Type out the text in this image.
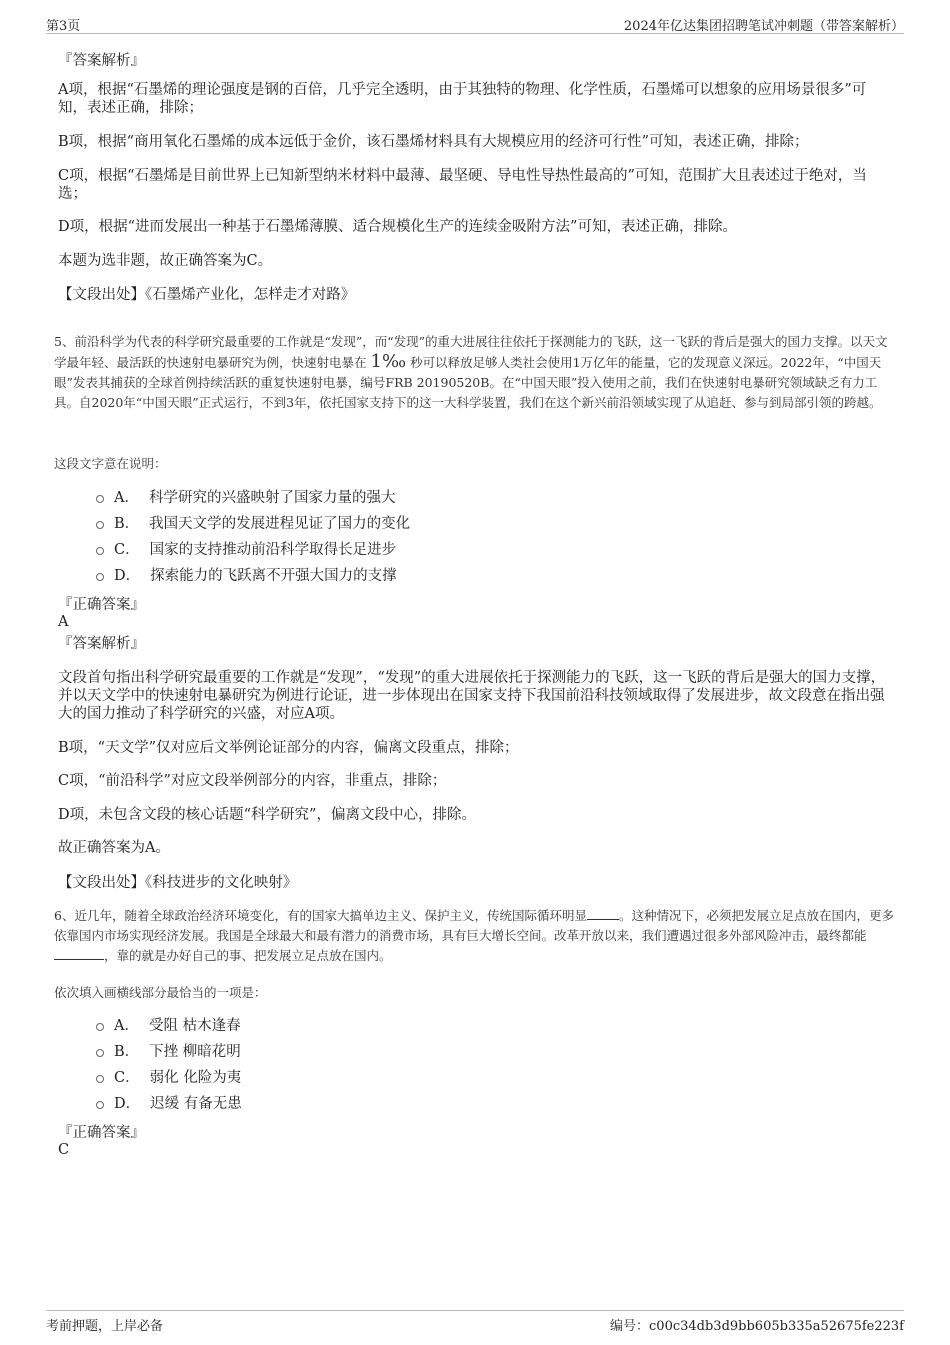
第3页	2024年亿达集团招聘笔试冲刺题（带答案解析）
『答案解析』
A项，根据“石墨烯的理论强度是钢的百倍，几乎完全透明，由于其独特的物理、化学性质，石墨烯可以想象的应用场景很多”可知，表述正确，排除；
B项，根据“商用氧化石墨烯的成本远低于金价，该石墨烯材料具有大规模应用的经济可行性”可知，表述正确，排除；
C项，根据“石墨烯是目前世界上已知新型纳米材料中最薄、最坚硬、导电性导热性最高的”可知，范围扩大且表述过于绝对，当选；
D项，根据“进而发展出一种基于石墨烯薄膜、适合规模化生产的连续金吸附方法”可知，表述正确，排除。
本题为选非题，故正确答案为C。
【文段出处】《石墨烯产业化，怎样走才对路》
5、前沿科学为代表的科学研究最重要的工作就是“发现”，而“发现”的重大进展往往依托于探测能力的飞跃，这一飞跃的背后是强大的国力支撑。以天文学最年轻、最活跃的快速射电暴研究为例，快速射电暴在 1‰ 秒可以释放足够人类社会使用1万亿年的能量，它的发现意义深远。2022年，“中国天眼”发表其捕获的全球首例持续活跃的重复快速射电暴，编号FRB 20190520B。在“中国天眼”投入使用之前，我们在快速射电暴研究领域缺乏有力工具。自2020年“中国天眼”正式运行，不到3年，依托国家支持下的这一大科学装置，我们在这个新兴前沿领域实现了从追赶、参与到局部引领的跨越。
这段文字意在说明：
A． 科学研究的兴盛映射了国家力量的强大
B． 我国天文学的发展进程见证了国力的变化
C． 国家的支持推动前沿科学取得长足进步
D． 探索能力的飞跃离不开强大国力的支撑
『正确答案』
A
『答案解析』
文段首句指出科学研究最重要的工作就是“发现”，“发现”的重大进展依托于探测能力的飞跃，这一飞跃的背后是强大的国力支撑，并以天文学中的快速射电暴研究为例进行论证，进一步体现出在国家支持下我国前沿科技领域取得了发展进步，故文段意在指出强大的国力推动了科学研究的兴盛，对应A项。
B项，“天文学”仅对应后文举例论证部分的内容，偏离文段重点，排除；
C项，“前沿科学”对应文段举例部分的内容，非重点，排除；
D项，未包含文段的核心话题“科学研究”，偏离文段中心，排除。
故正确答案为A。
【文段出处】《科技进步的文化映射》
6、近几年，随着全球政治经济环境变化，有的国家大搞单边主义、保护主义，传统国际循环明显	。这种情况下，必须把发展立足点放在国内，更多依靠国内市场实现经济发展。我国是全球最大和最有潜力的消费市场，具有巨大增长空间。改革开放以来，我们遭遇过很多外部风险冲击，最终都能，靠的就是办好自己的事、把发展立足点放在国内。
依次填入画横线部分最恰当的一项是：
A． 受阻 枯木逢春
B． 下挫 柳暗花明
C． 弱化 化险为夷
D． 迟缓 有备无患
『正确答案』
C
考前押题，上岸必备	编号：c00c34db3d9bb605b335a52675fe223f
